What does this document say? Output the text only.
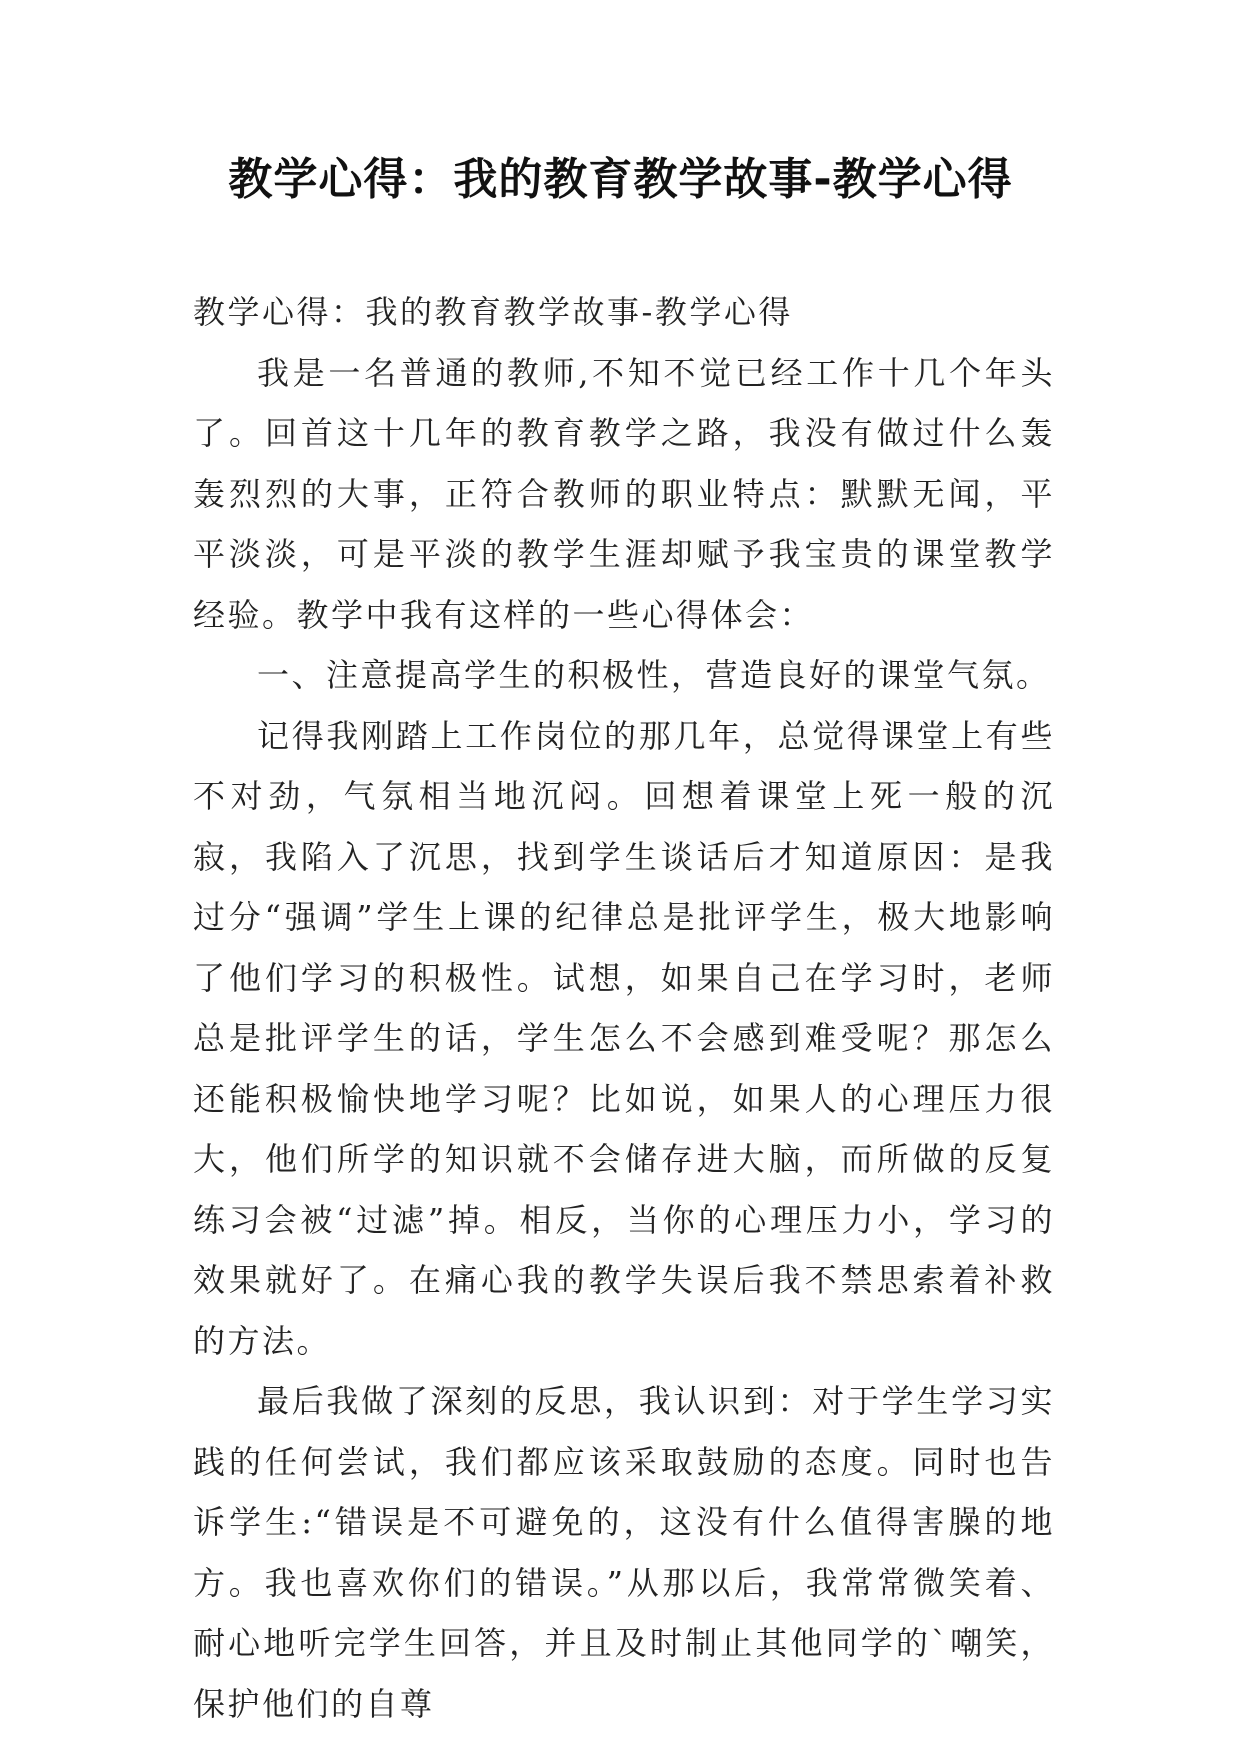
教学心得：我的教育教学故事-教学心得

教学心得：我的教育教学故事-教学心得

我是一名普通的教师,不知不觉已经工作十几个年头了。回首这十几年的教育教学之路，我没有做过什么轰轰烈烈的大事，正符合教师的职业特点：默默无闻，平平淡淡，可是平淡的教学生涯却赋予我宝贵的课堂教学经验。教学中我有这样的一些心得体会：

一、注意提高学生的积极性，营造良好的课堂气氛。

记得我刚踏上工作岗位的那几年，总觉得课堂上有些不对劲，气氛相当地沉闷。回想着课堂上死一般的沉寂，我陷入了沉思，找到学生谈话后才知道原因：是我过分“强调”学生上课的纪律总是批评学生，极大地影响了他们学习的积极性。试想，如果自己在学习时，老师总是批评学生的话，学生怎么不会感到难受呢？那怎么还能积极愉快地学习呢？比如说，如果人的心理压力很大，他们所学的知识就不会储存进大脑，而所做的反复练习会被“过滤”掉。相反，当你的心理压力小，学习的效果就好了。在痛心我的教学失误后我不禁思索着补救的方法。

最后我做了深刻的反思，我认识到：对于学生学习实践的任何尝试，我们都应该采取鼓励的态度。同时也告诉学生:“错误是不可避免的，这没有什么值得害臊的地方。我也喜欢你们的错误。”从那以后，我常常微笑着、耐心地听完学生回答，并且及时制止其他同学的`嘲笑，保护他们的自尊
